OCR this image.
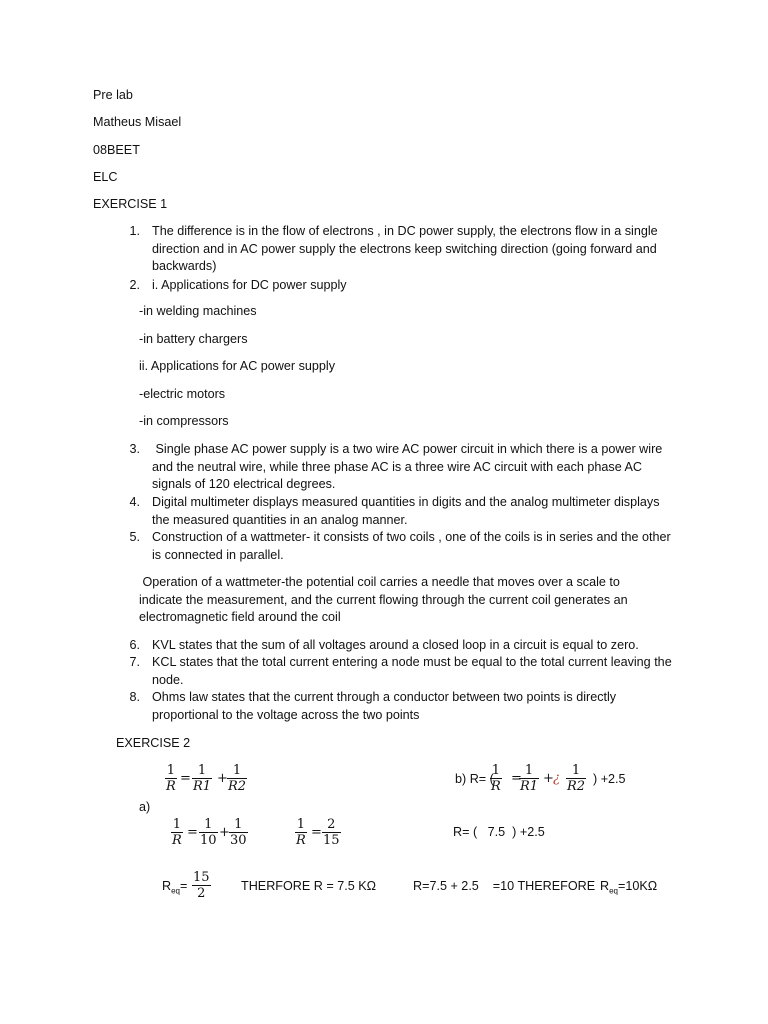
Pre lab
Matheus Misael
08BEET
ELC
EXERCISE 1
1. The difference is in the flow of electrons , in DC power supply, the electrons flow in a single direction and in AC power supply the electrons keep switching direction (going forward and backwards)
2. i. Applications for DC power supply
-in welding machines
-in battery chargers
ii. Applications for AC power supply
-electric motors
-in compressors
3. Single phase AC power supply is a two wire AC power circuit in which there is a power wire and the neutral wire, while three phase AC is a three wire AC circuit with each phase AC signals of 120 electrical degrees.
4. Digital multimeter displays measured quantities in digits and the analog multimeter displays the measured quantities in an analog manner.
5. Construction of a wattmeter- it consists of two coils , one of the coils is in series and the other is connected in parallel.
Operation of a wattmeter-the potential coil carries a needle that moves over a scale to indicate the measurement, and the current flowing through the current coil generates an electromagnetic field around the coil
6. KVL states that the sum of all voltages around a closed loop in a circuit is equal to zero.
7. KCL states that the total current entering a node must be equal to the total current leaving the node.
8. Ohms law states that the current through a conductor between two points is directly proportional to the voltage across the two points
EXERCISE 2
$\frac{1}{R} = \frac{1}{R1} + \frac{1}{R2}$
a)
$\frac{1}{R} = \frac{1}{10} + \frac{1}{30}$	$\frac{1}{R} = \frac{2}{15}$
$R_{eq}= \frac{15}{2}$ THERFORE R = 7.5 KΩ
b) R= (
$\frac{1}{R}$ =
$\frac{1}{R1}$ + ¿ $\frac{1}{R2}$ ) +2.5
R= (   7.5  ) +2.5
R=7.5 + 2.5    =10 THEREFORE $R_{eq}=10K\Omega$
